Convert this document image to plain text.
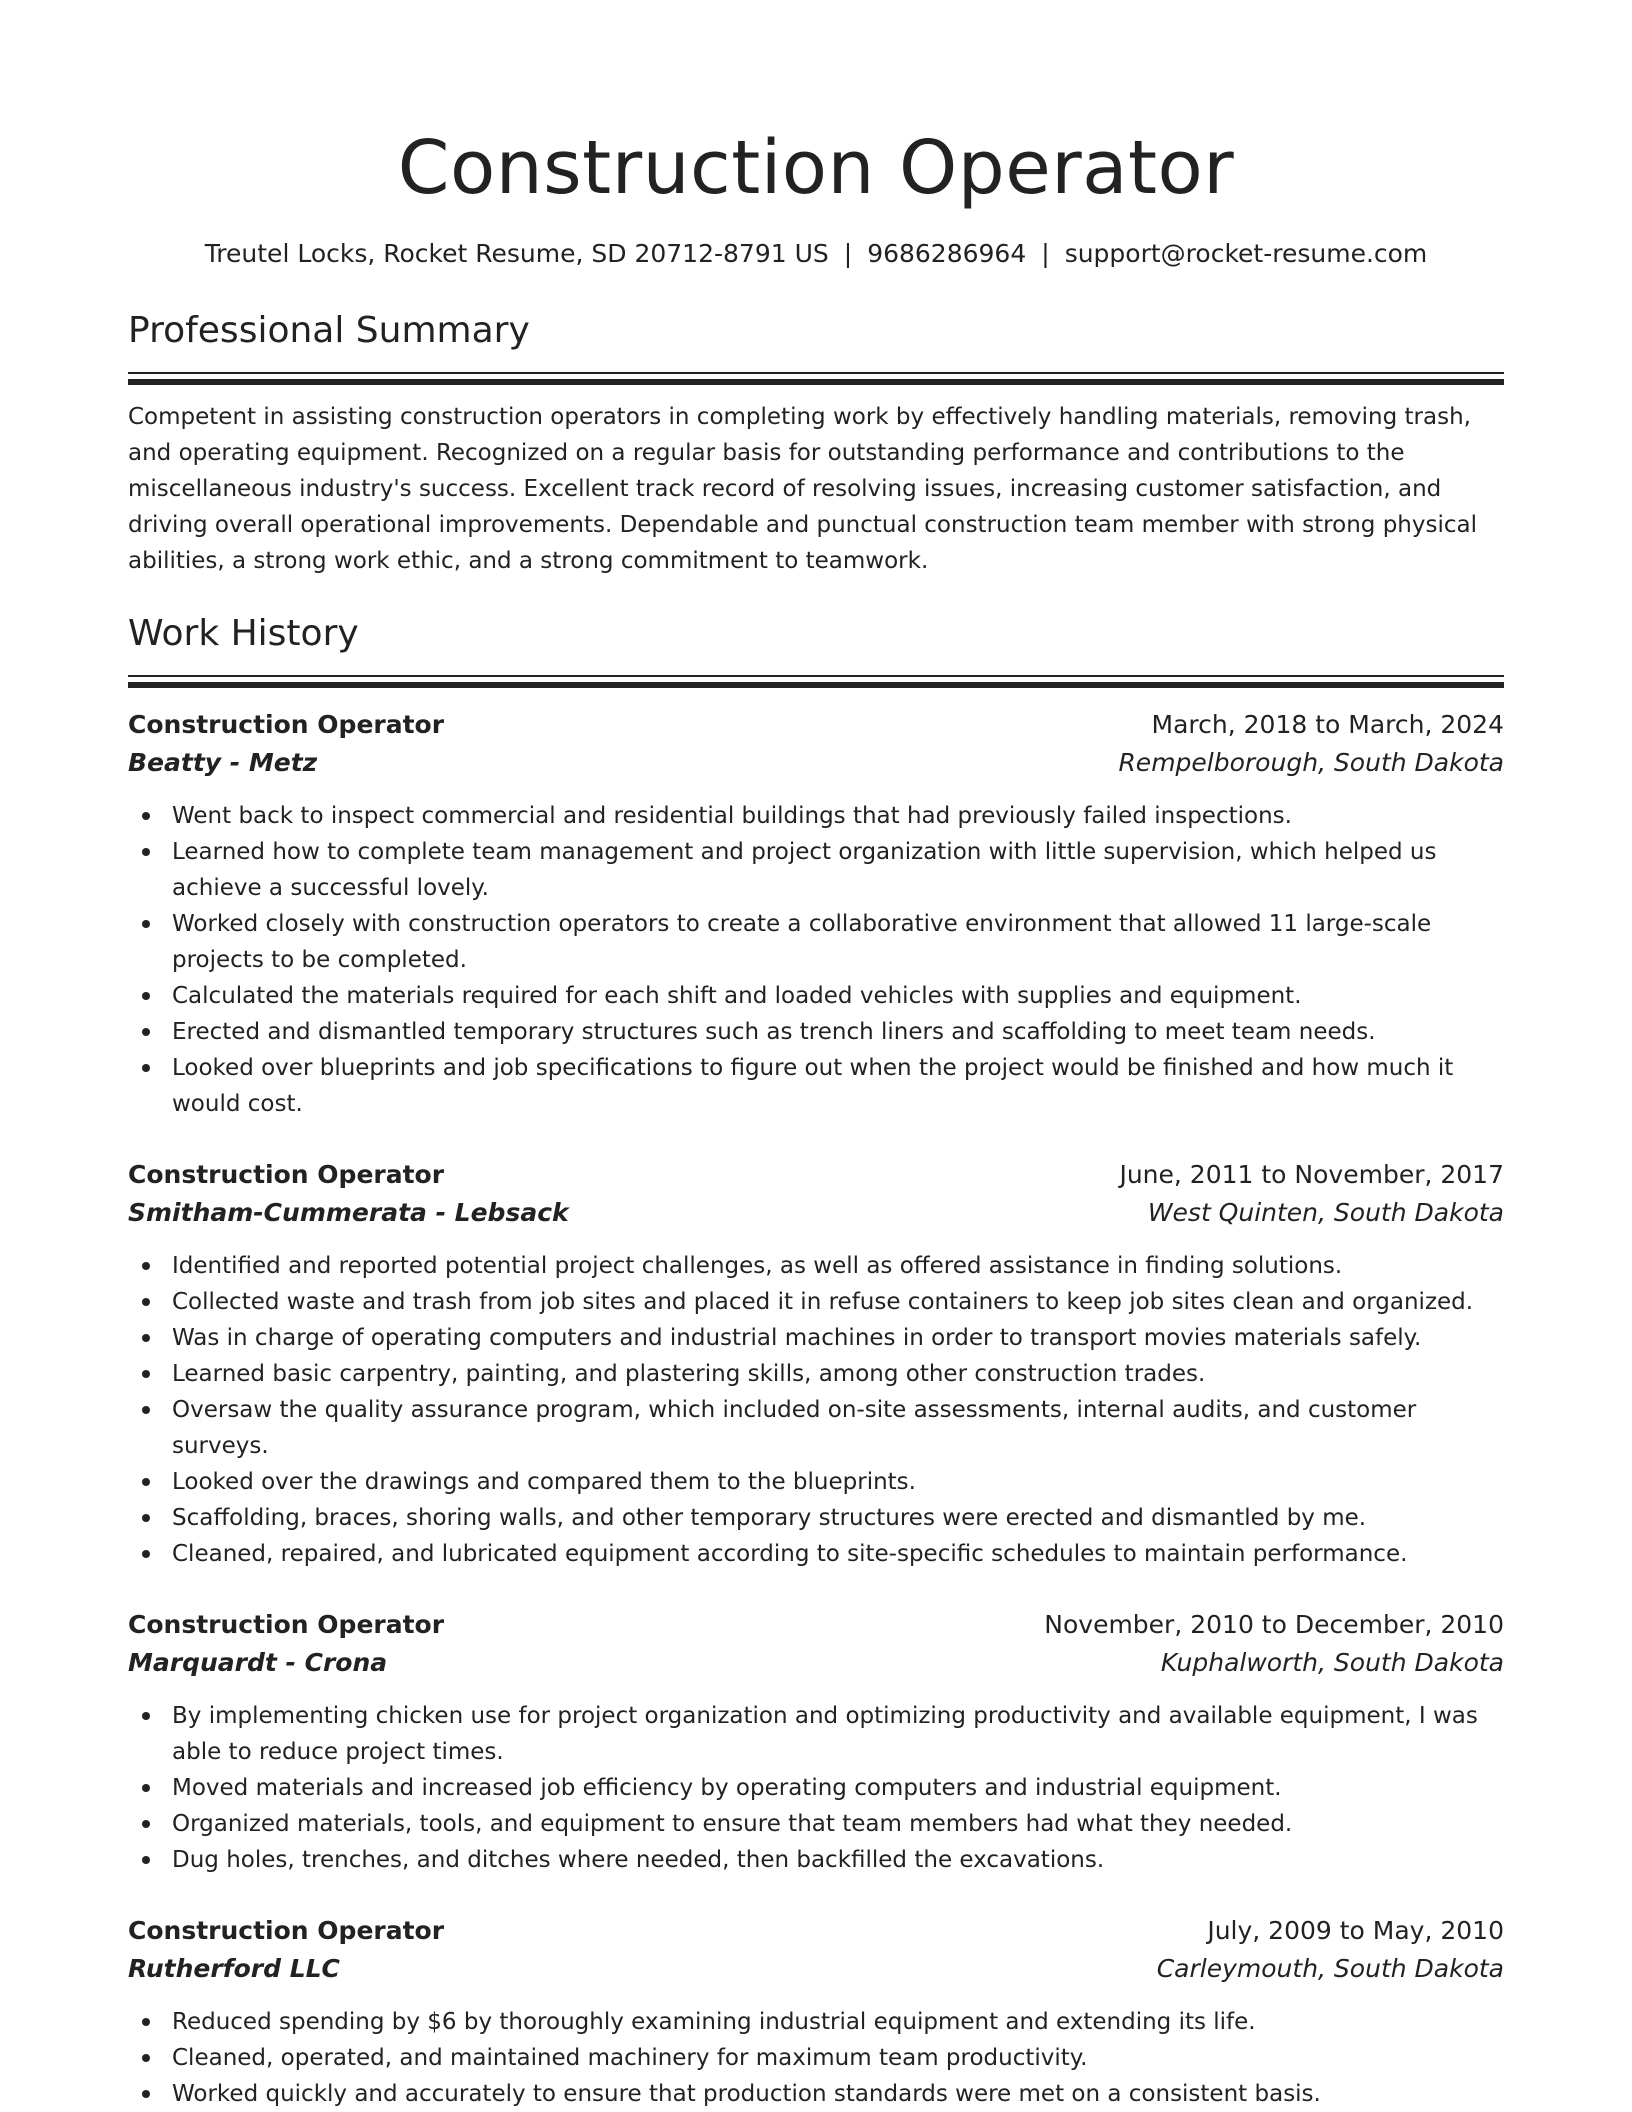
Construction Operator
Treutel Locks, Rocket Resume, SD 20712-8791 US | 9686286964 | support@rocket-resume.com
Professional Summary

Competent in assisting construction operators in completing work by effectively handling materials, removing trash, and operating equipment. Recognized on a regular basis for outstanding performance and contributions to the miscellaneous industry's success. Excellent track record of resolving issues, increasing customer satisfaction, and driving overall operational improvements. Dependable and punctual construction team member with strong physical abilities, a strong work ethic, and a strong commitment to teamwork.

Work History
Construction Operator	March, 2018 to March, 2024
Beatty - Metz	Rempelborough, South Dakota
Went back to inspect commercial and residential buildings that had previously failed inspections.
Learned how to complete team management and project organization with little supervision, which helped us achieve a successful lovely.
Worked closely with construction operators to create a collaborative environment that allowed 11 large-scale projects to be completed.
Calculated the materials required for each shift and loaded vehicles with supplies and equipment.
Erected and dismantled temporary structures such as trench liners and scaffolding to meet team needs.
Looked over blueprints and job specifications to figure out when the project would be finished and how much it would cost.
Construction Operator	June, 2011 to November, 2017
Smitham-Cummerata - Lebsack	West Quinten, South Dakota
Identified and reported potential project challenges, as well as offered assistance in finding solutions.
Collected waste and trash from job sites and placed it in refuse containers to keep job sites clean and organized.
Was in charge of operating computers and industrial machines in order to transport movies materials safely.
Learned basic carpentry, painting, and plastering skills, among other construction trades.
Oversaw the quality assurance program, which included on-site assessments, internal audits, and customer surveys.
Looked over the drawings and compared them to the blueprints.
Scaffolding, braces, shoring walls, and other temporary structures were erected and dismantled by me.
Cleaned, repaired, and lubricated equipment according to site-specific schedules to maintain performance.
Construction Operator	November, 2010 to December, 2010
Marquardt - Crona	Kuphalworth, South Dakota
By implementing chicken use for project organization and optimizing productivity and available equipment, I was able to reduce project times.
Moved materials and increased job efficiency by operating computers and industrial equipment.
Organized materials, tools, and equipment to ensure that team members had what they needed.
Dug holes, trenches, and ditches where needed, then backfilled the excavations.
Construction Operator	July, 2009 to May, 2010
Rutherford LLC	Carleymouth, South Dakota
Reduced spending by $6 by thoroughly examining industrial equipment and extending its life.
Cleaned, operated, and maintained machinery for maximum team productivity.
Worked quickly and accurately to ensure that production standards were met on a consistent basis.
